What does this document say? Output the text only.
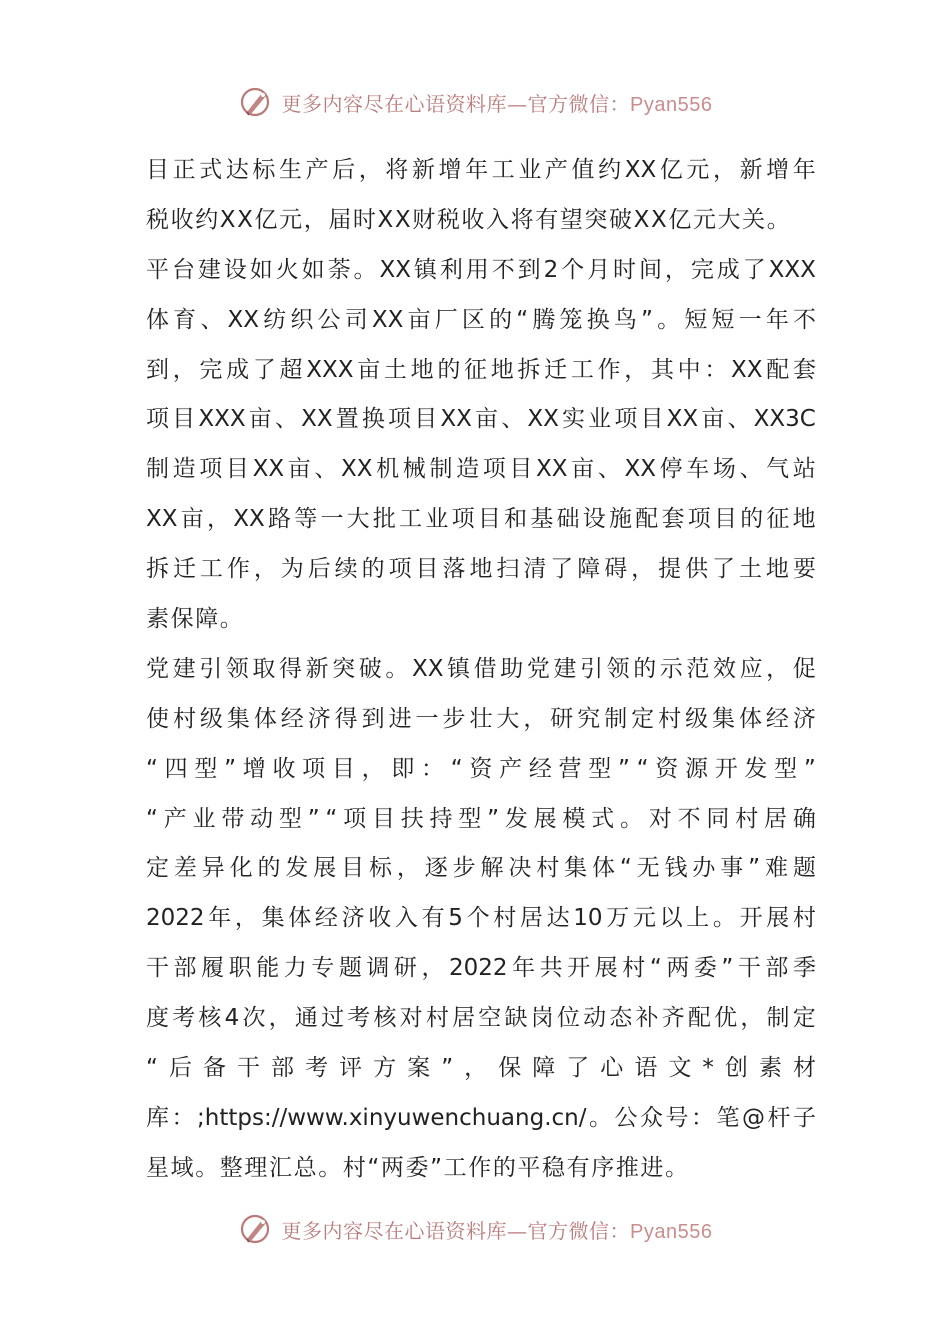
更多内容尽在心语资料库—官方微信：Pyan556
目 正 式 达 标 生 产 后 ， 将 新 增 年 工 业 产 值 约 XX 亿 元 ， 新 增 年
税收约XX亿元，届时XX财税收入将有望突破XX亿元大关。
平 台 建 设 如 火 如 荼 。 XX 镇 利 用 不 到 2 个 月 时 间 ， 完 成 了 XXX
体 育 、 XX 纺 织 公 司 XX 亩 厂 区 的 “ 腾 笼 换 鸟 ” 。 短 短 一 年 不
到 ， 完 成 了 超 XXX 亩 土 地 的 征 地 拆 迁 工 作 ， 其 中 ： XX 配 套
项 目 XXX 亩 、 XX 置 换 项 目 XX 亩 、 XX 实 业 项 目 XX 亩 、 XX3C
制 造 项 目 XX 亩 、 XX 机 械 制 造 项 目 XX 亩 、 XX 停 车 场 、 气 站
XX 亩 ， XX 路 等 一 大 批 工 业 项 目 和 基 础 设 施 配 套 项 目 的 征 地
拆 迁 工 作 ， 为 后 续 的 项 目 落 地 扫 清 了 障 碍 ， 提 供 了 土 地 要
素保障。
党 建 引 领 取 得 新 突 破 。 XX 镇 借 助 党 建 引 领 的 示 范 效 应 ， 促
使 村 级 集 体 经 济 得 到 进 一 步 壮 大 ， 研 究 制 定 村 级 集 体 经 济
“ 四 型 ” 增 收 项 目 ， 即 ： “ 资 产 经 营 型 ” “ 资 源 开 发 型 ”
“ 产 业 带 动 型 ” “ 项 目 扶 持 型 ” 发 展 模 式 。 对 不 同 村 居 确
定 差 异 化 的 发 展 目 标 ， 逐 步 解 决 村 集 体 “ 无 钱 办 事 ” 难 题
2022 年 ， 集 体 经 济 收 入 有 5 个 村 居 达 10 万 元 以 上 。 开 展 村
干 部 履 职 能 力 专 题 调 研 ， 2022 年 共 开 展 村 “ 两 委 ” 干 部 季
度 考 核 4 次 ， 通 过 考 核 对 村 居 空 缺 岗 位 动 态 补 齐 配 优 ， 制 定
“ 后 备 干 部 考 评 方 案 ” ， 保 障 了 心 语 文 * 创 素 材
库 ： ;https://www.xinyuwenchuang.cn/ 。 公 众 号 ： 笔 @ 杆 子
星域。整理汇总。村“两委”工作的平稳有序推进。
更多内容尽在心语资料库—官方微信：Pyan556
